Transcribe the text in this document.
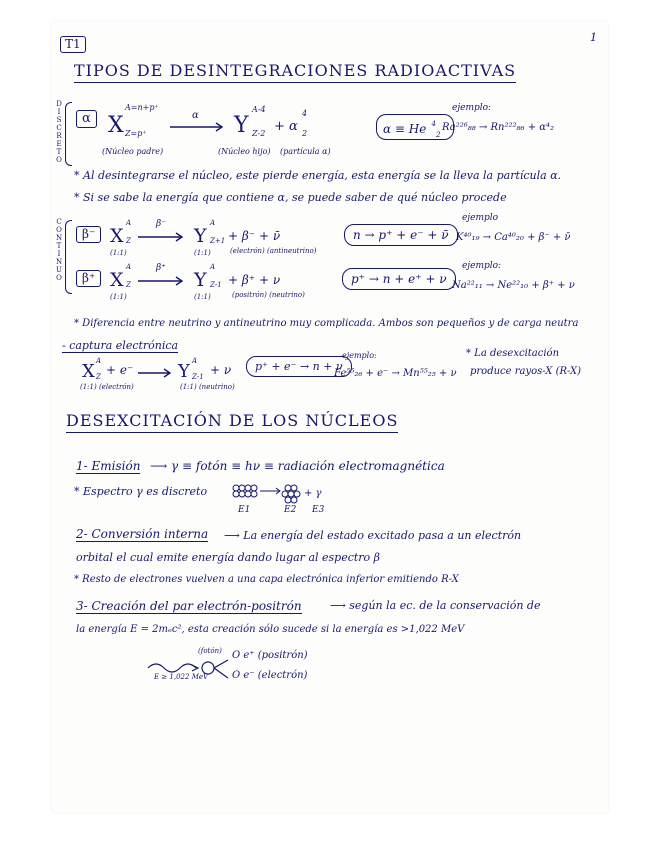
T1	1
TIPOS DE DESINTEGRACIONES RADIOACTIVAS
D
I
S
C
R
E
T
O
α X
A=n+p⁺
Z=p⁺
α Y
A-4
Z-2 + α
4
2
(Núcleo padre)	(Núcleo hijo) (partícula α)
α ≡ He $^4$ $_2$
ejemplo:
Ra²²⁶₈₈ → Rn²²²₈₆ + α⁴₂
* Al desintegrarse el núcleo, este pierde energía, esta energía se la lleva la partícula α.
* Si se sabe la energía que contiene α, se puede saber de qué núcleo procede
C
O
N
T
I
N
U
O
β⁻ X
A
Z
(1:1)
β⁻
Y
A
Z+1
(1:1)
+ β⁻ + ν̄
(electrón) (antineutrino)
n → p⁺ + e⁻ + ν̄
ejemplo
K⁴⁰₁₉ → Ca⁴⁰₂₀ + β⁻ + ν̄
β⁺ X
A
Z
(1:1)
β⁺
Y
A
Z-1
(1:1)
+ β⁺ + ν
(positrón) (neutrino)
p⁺ → n + e⁺ + ν
ejemplo:
Na²²₁₁ → Ne²²₁₀ + β⁺ + ν
* Diferencia entre neutrino y antineutrino muy complicada. Ambos son pequeños y de carga neutra
- captura electrónica
X A
Z + e⁻
(1:1) (electrón)
Y A
Z-1 + ν
(1:1) (neutrino)
p⁺ + e⁻ → n + ν
ejemplo:
Fe⁵⁵₂₆ + e⁻ → Mn⁵⁵₂₅ + ν
* La desexcitación
produce rayos-X (R-X)
DESEXCITACIÓN DE LOS NÚCLEOS
1- Emisión ⟶ γ ≡ fotón ≡ hν ≡ radiación electromagnética
* Espectro γ es discreto	+ γ
E1	E2 E3
2- Conversión interna ⟶ La energía del estado excitado pasa a un electrón
orbital el cual emite energía dando lugar al espectro β
* Resto de electrones vuelven a una capa electrónica inferior emitiendo R-X
3- Creación del par electrón-positrón	⟶ según la ec. de la conservación de
la energía E = 2mₑc², esta creación sólo sucede si la energía es >1,022 MeV
(fotón)
E ≥ 1,022 MeV
O e⁺ (positrón)
O e⁻ (electrón)
